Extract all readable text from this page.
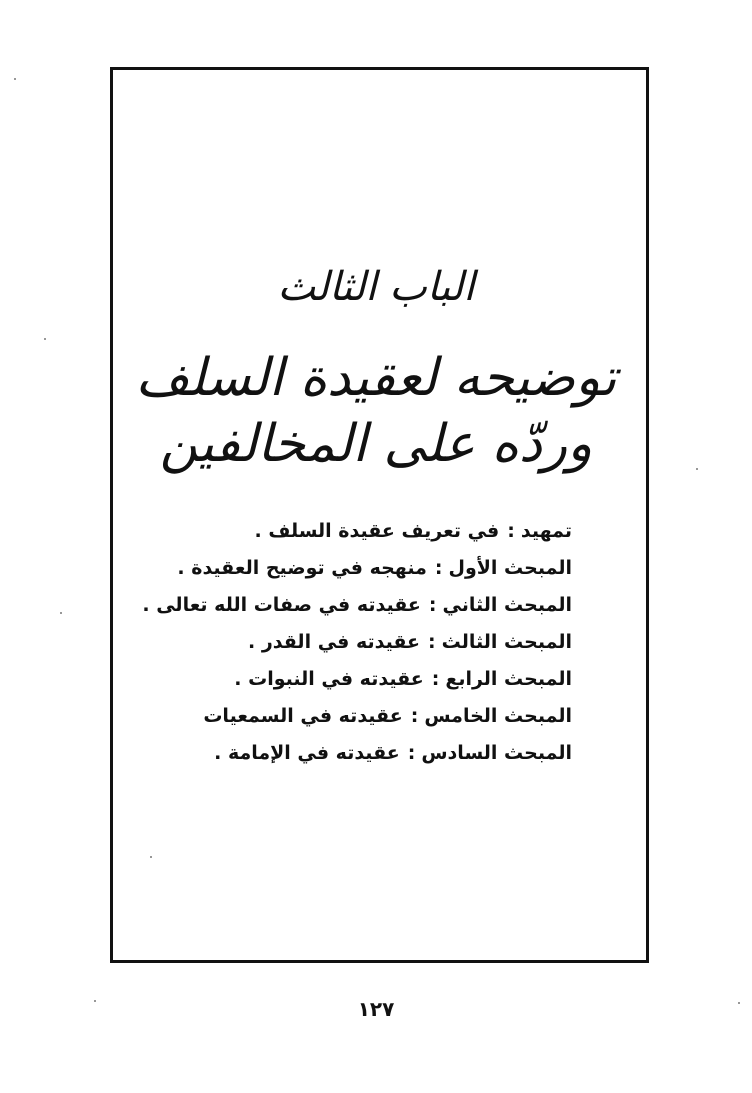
الباب الثالث
توضيحه لعقيدة السلف
وردّه على المخالفين
تمهيد:في تعريف عقيدة السلف .
المبحث الأول:منهجه في توضيح العقيدة .
المبحث الثاني:عقيدته في صفات الله تعالى .
المبحث الثالث:عقيدته في القدر .
المبحث الرابع:عقيدته في النبوات .
المبحث الخامس:عقيدته في السمعيات
المبحث السادس:عقيدته في الإمامة .
١٢٧
